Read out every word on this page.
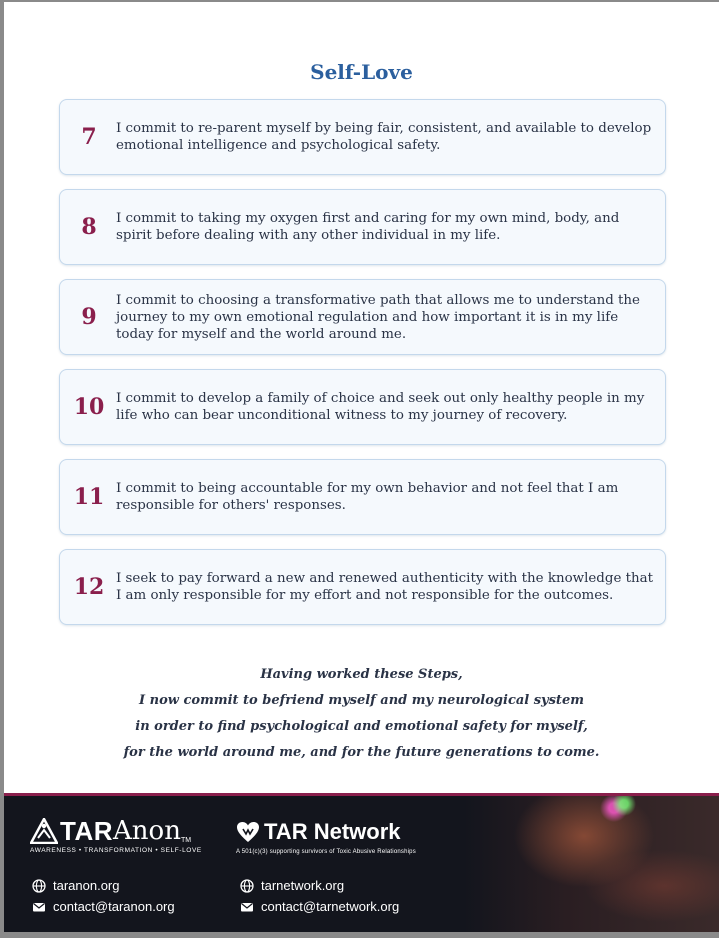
Self-Love
7	I commit to re-parent myself by being fair, consistent, and available to develop emotional intelligence and psychological safety.
8	I commit to taking my oxygen first and caring for my own mind, body, and spirit before dealing with any other individual in my life.
9
I commit to choosing a transformative path that allows me to understand the journey to my own emotional regulation and how important it is in my life today for myself and the world around me.
10 I commit to develop a family of choice and seek out only healthy people in my life who can bear unconditional witness to my journey of recovery.
11 I commit to being accountable for my own behavior and not feel that I am responsible for others' responses.
12 I seek to pay forward a new and renewed authenticity with the knowledge that I am only responsible for my effort and not responsible for the outcomes.
Having worked these Steps,
I now commit to befriend myself and my neurological system
in order to find psychological and emotional safety for myself,
for the world around me, and for the future generations to come.
TAR Anon TM
AWARENESS • TRANSFORMATION • SELF-LOVE
TAR Network
A 501(c)(3) supporting survivors of Toxic Abusive Relationships
taranon.org
contact@taranon.org
tarnetwork.org
contact@tarnetwork.org
